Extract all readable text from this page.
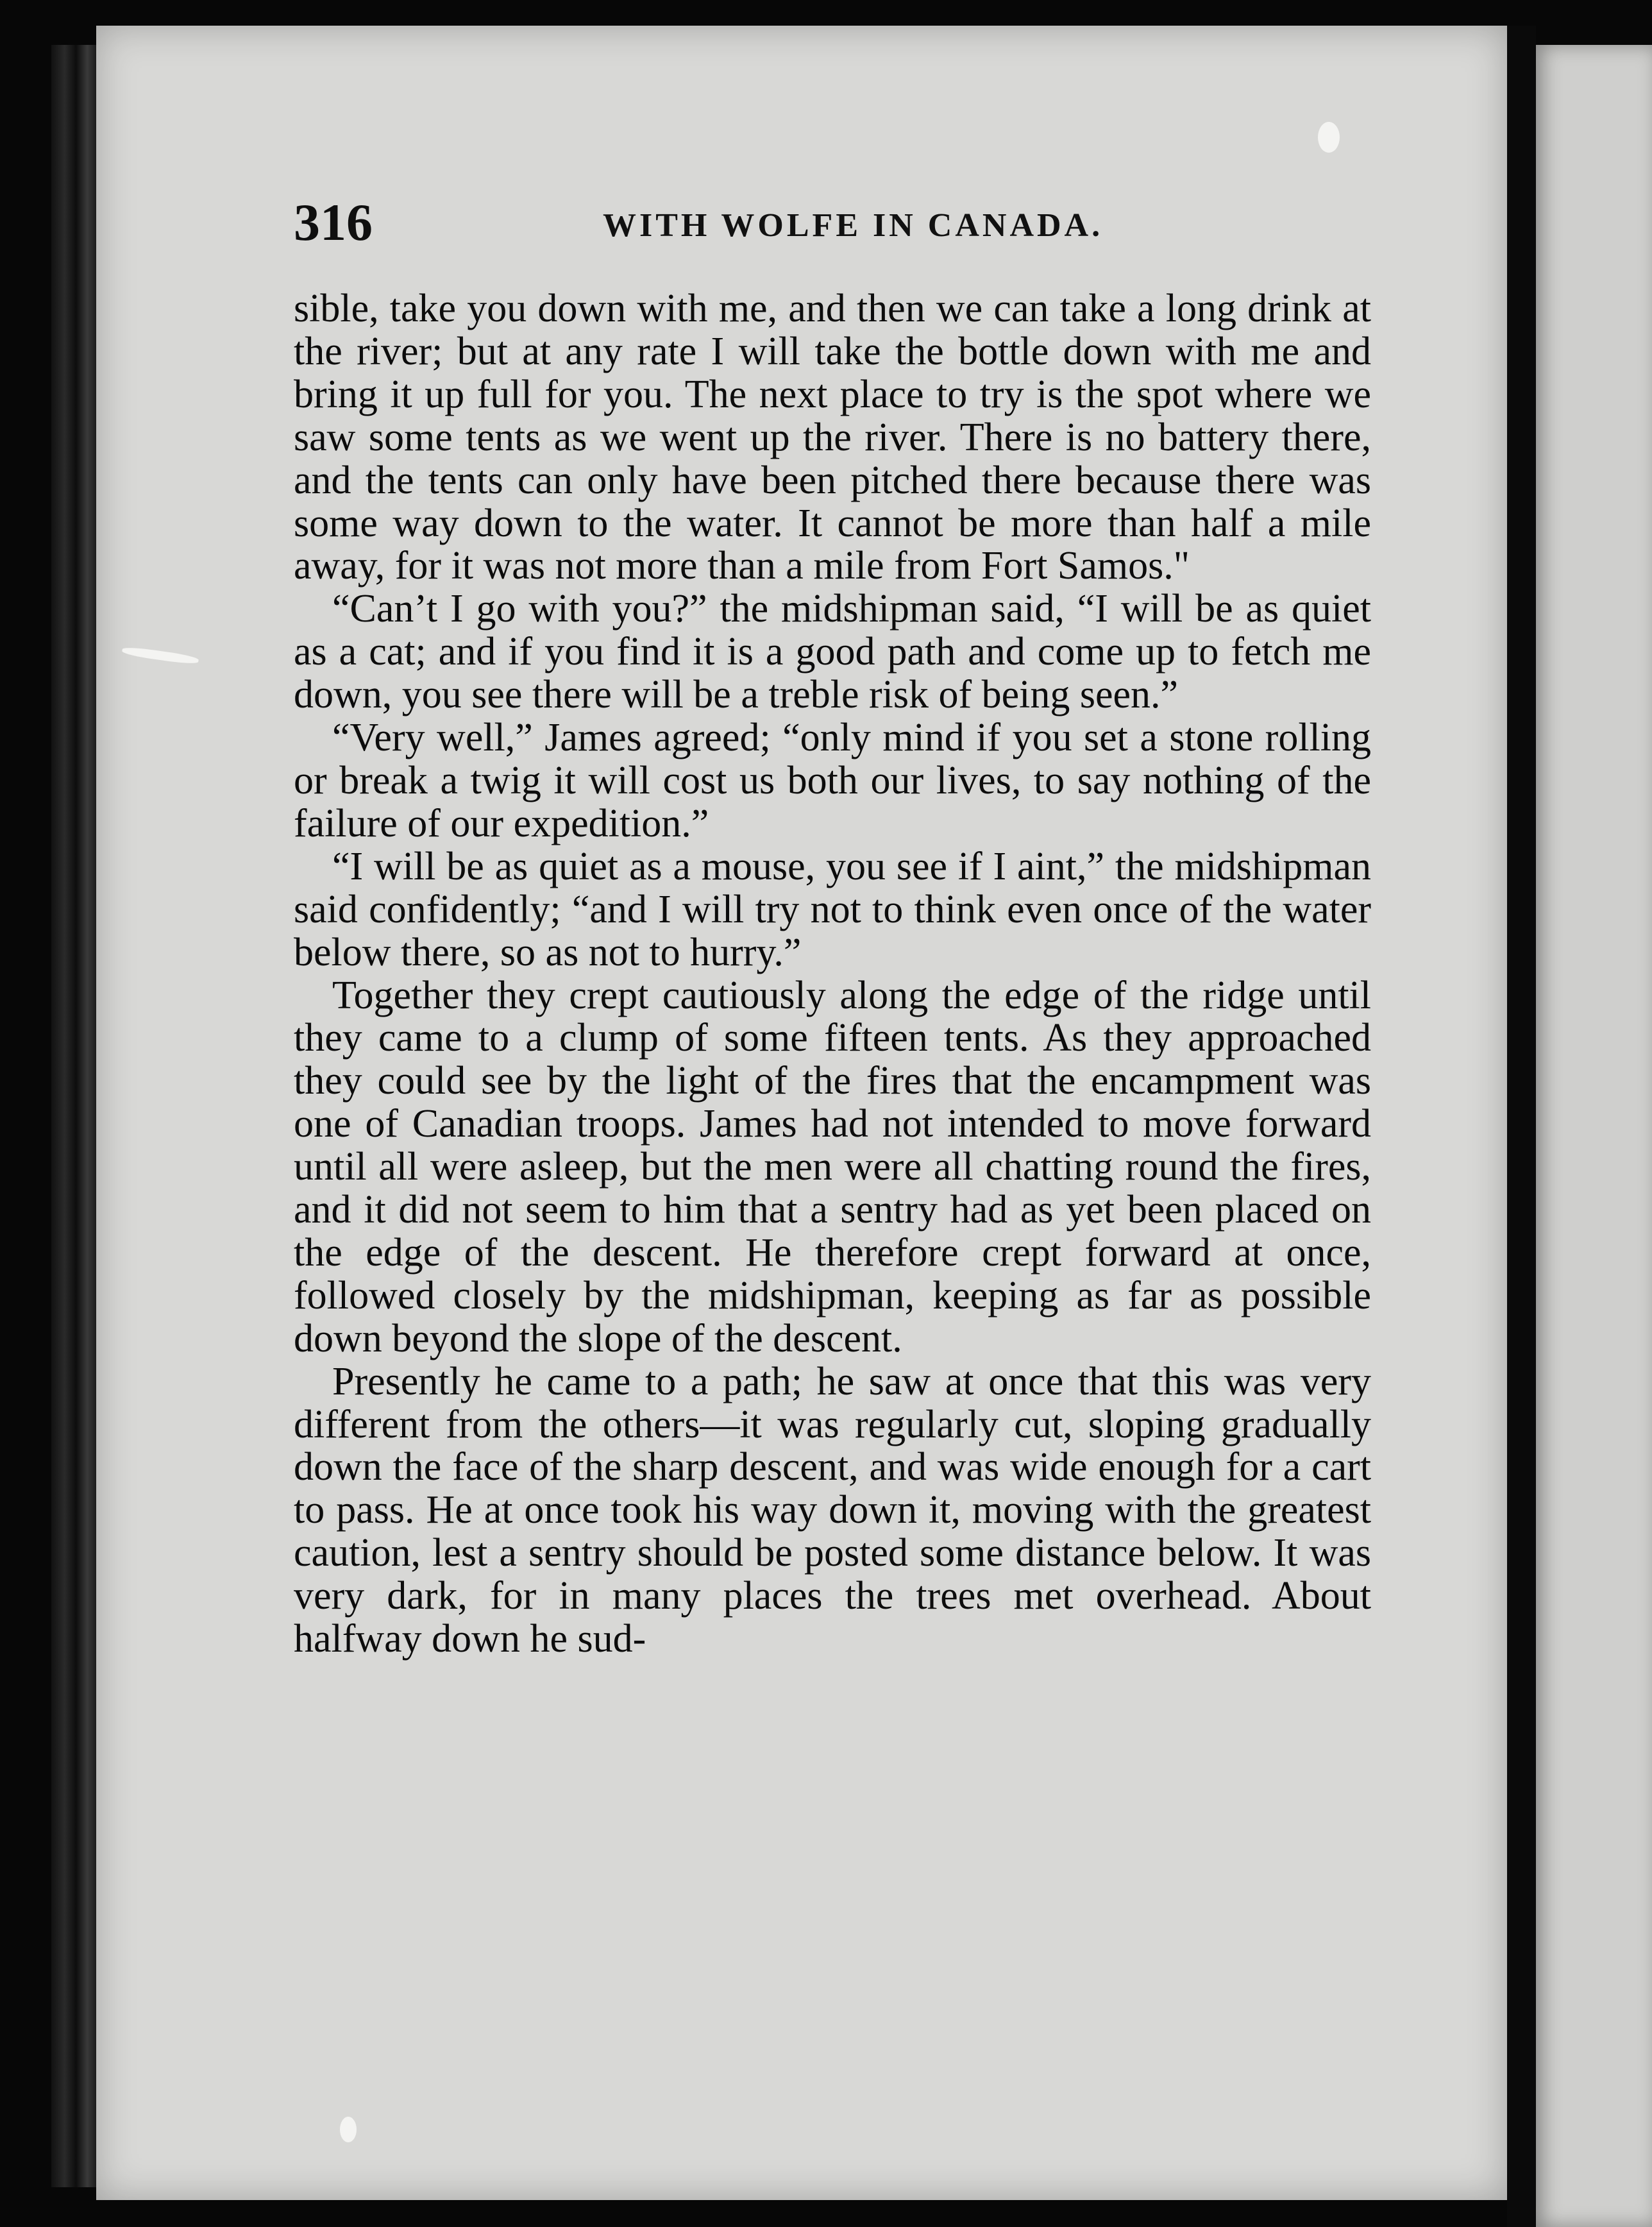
316	WITH WOLFE IN CANADA.

sible, take you down with me, and then we can take a long drink at the river; but at any rate I will take the bottle down with me and bring it up full for you. The next place to try is the spot where we saw some tents as we went up the river. There is no battery there, and the tents can only have been pitched there because there was some way down to the water. It cannot be more than half a mile away, for it was not more than a mile from Fort Samos."

“Can’t I go with you?” the midshipman said, “I will be as quiet as a cat; and if you find it is a good path and come up to fetch me down, you see there will be a treble risk of being seen.”

“Very well,” James agreed; “only mind if you set a stone rolling or break a twig it will cost us both our lives, to say nothing of the failure of our expedition.”

“I will be as quiet as a mouse, you see if I aint,” the midshipman said confidently; “and I will try not to think even once of the water below there, so as not to hurry.”

Together they crept cautiously along the edge of the ridge until they came to a clump of some fifteen tents. As they approached they could see by the light of the fires that the encampment was one of Canadian troops. James had not intended to move forward until all were asleep, but the men were all chatting round the fires, and it did not seem to him that a sentry had as yet been placed on the edge of the descent. He therefore crept forward at once, followed closely by the midshipman, keeping as far as possible down beyond the slope of the descent.

Presently he came to a path; he saw at once that this was very different from the others—it was regularly cut, sloping gradually down the face of the sharp descent, and was wide enough for a cart to pass. He at once took his way down it, moving with the greatest caution, lest a sentry should be posted some distance below. It was very dark, for in many places the trees met overhead. About halfway down he sud-
